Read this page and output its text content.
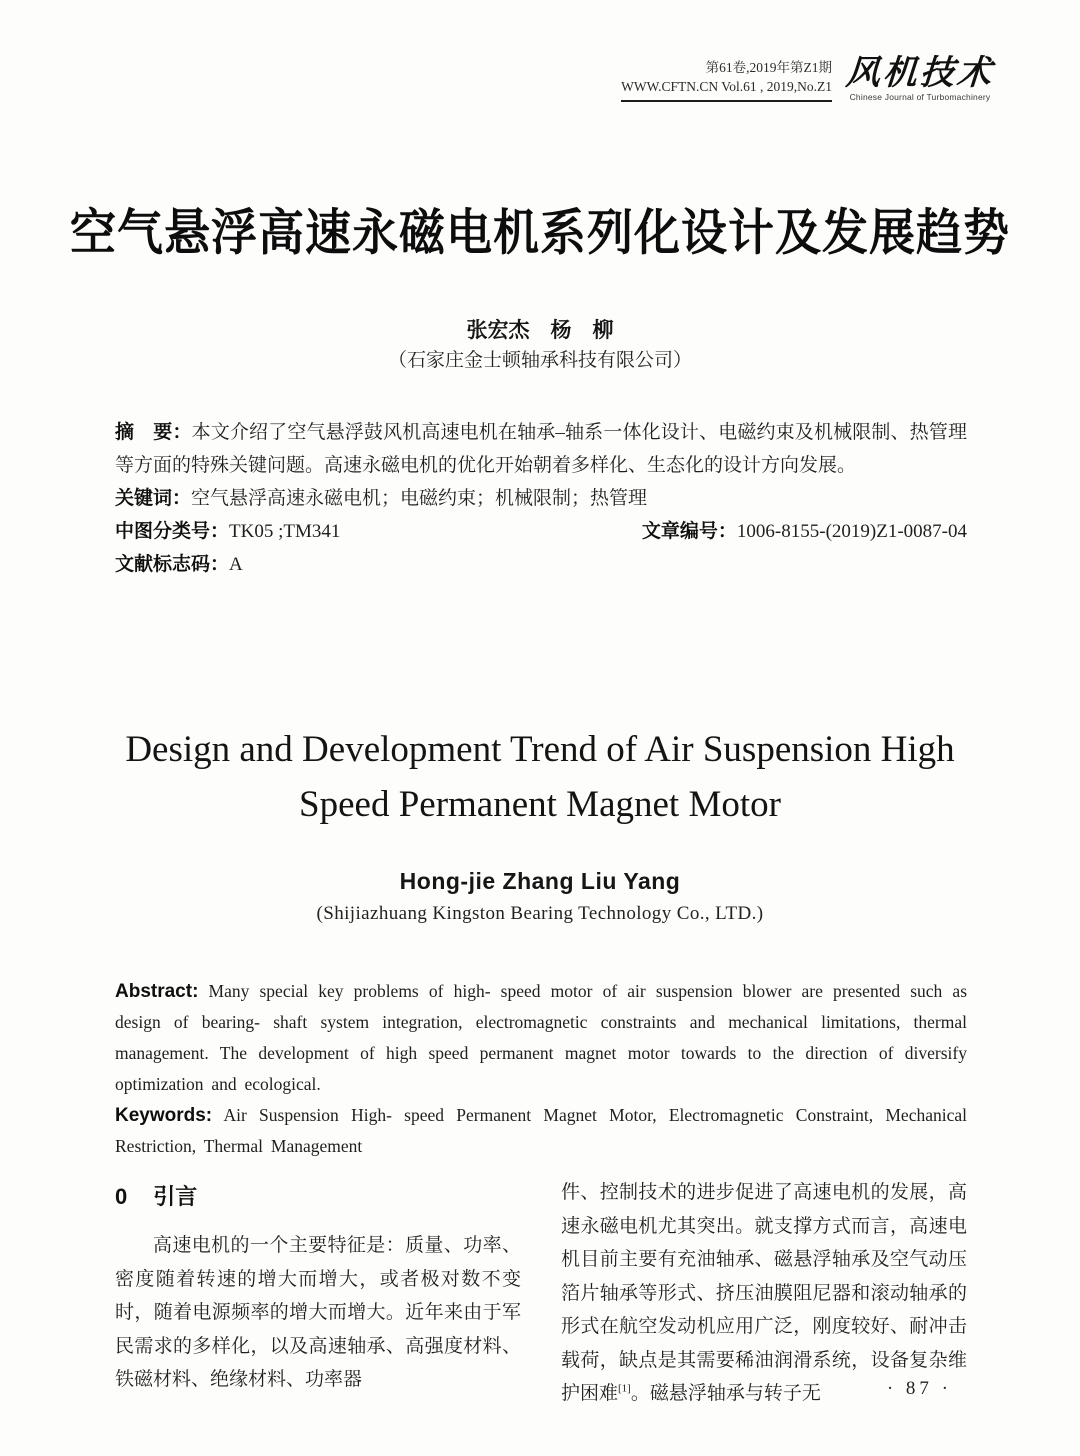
第61卷,2019年第Z1期
WWW.CFTN.CN Vol.61 , 2019,No.Z1 风机技术
Chinese Journal of Turbomachinery
空气悬浮高速永磁电机系列化设计及发展趋势
张宏杰　杨　柳
（石家庄金士顿轴承科技有限公司）

摘　要：本文介绍了空气悬浮鼓风机高速电机在轴承–轴系一体化设计、电磁约束及机械限制、热管理等方面的特殊关键问题。高速永磁电机的优化开始朝着多样化、生态化的设计方向发展。

关键词：空气悬浮高速永磁电机；电磁约束；机械限制；热管理

中图分类号：TK05 ;TM341	文章编号：1006-8155-(2019)Z1-0087-04

文献标志码：A

Design and Development Trend of Air Suspension High
Speed Permanent Magnet Motor
Hong-jie Zhang Liu Yang
(Shijiazhuang Kingston Bearing Technology Co., LTD.)

Abstract: Many special key problems of high- speed motor of air suspension blower are presented such as design of bearing- shaft system integration, electromagnetic constraints and mechanical limitations, thermal management. The development of high speed permanent magnet motor towards to the direction of diversify optimization and ecological.

Keywords: Air Suspension High- speed Permanent Magnet Motor, Electromagnetic Constraint, Mechanical Restriction, Thermal Management

0 引言

高速电机的一个主要特征是：质量、功率、密度随着转速的增大而增大，或者极对数不变时，随着电源频率的增大而增大。近年来由于军民需求的多样化，以及高速轴承、高强度材料、铁磁材料、绝缘材料、功率器

件、控制技术的进步促进了高速电机的发展，高速永磁电机尤其突出。就支撑方式而言，高速电机目前主要有充油轴承、磁悬浮轴承及空气动压箔片轴承等形式、挤压油膜阻尼器和滚动轴承的形式在航空发动机应用广泛，刚度较好、耐冲击载荷，缺点是其需要稀油润滑系统，设备复杂维护困难[1]。磁悬浮轴承与转子无	· 87 ·
